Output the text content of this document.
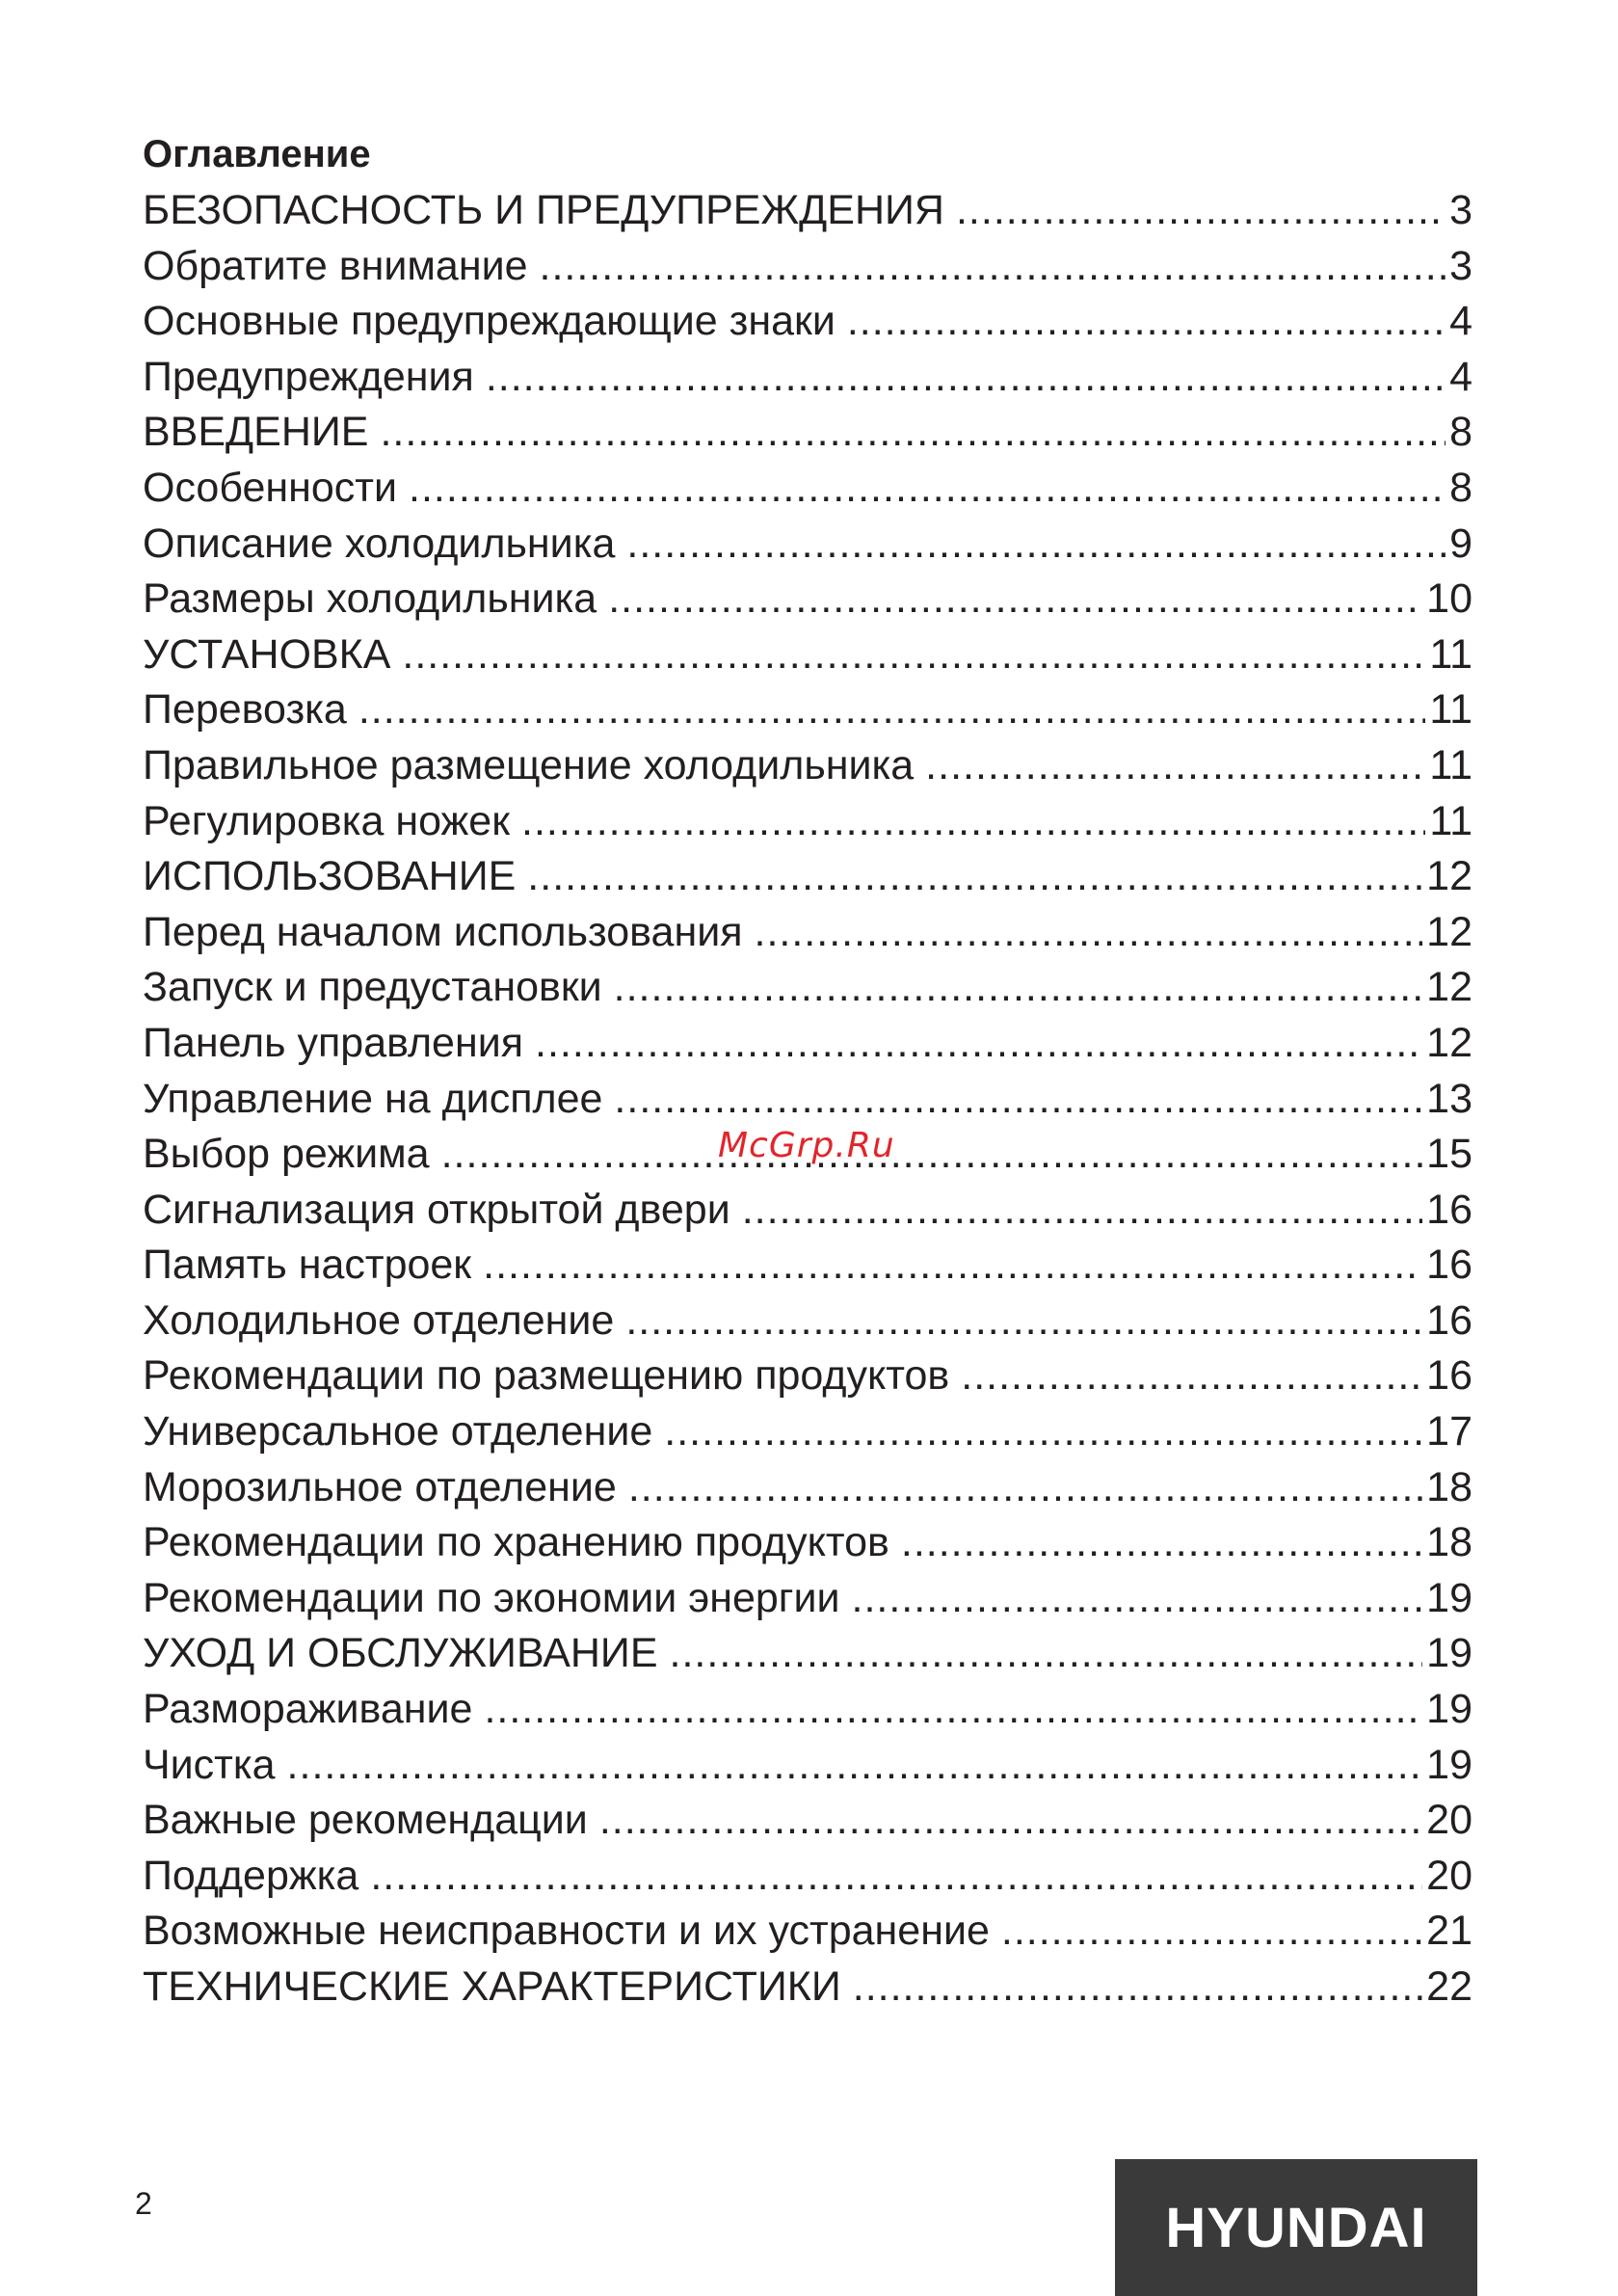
Оглавление
БЕЗОПАСНОСТЬ И ПРЕДУПРЕЖДЕНИЯ .....	3
Обратите внимание .....	3
Основные предупреждающие знаки .....	4
Предупреждения .....	4
ВВЕДЕНИЕ .....	8
Особенности .....	8
Описание холодильника .....	9
Размеры холодильника .....	10
УСТАНОВКА .....	11
Перевозка .....	11
Правильное размещение холодильника .....	11
Регулировка ножек .....	11
ИСПОЛЬЗОВАНИЕ .....	12
Перед началом использования .....	12
Запуск и предустановки .....	12
Панель управления .....	12
Управление на дисплее .....	13
Выбор режима .....	15
Сигнализация открытой двери .....	16
Память настроек .....	16
Холодильное отделение .....	16
Рекомендации по размещению продуктов .....	16
Универсальное отделение .....	17
Морозильное отделение .....	18
Рекомендации по хранению продуктов .....	18
Рекомендации по экономии энергии .....	19
УХОД И ОБСЛУЖИВАНИЕ .....	19
Размораживание .....	19
Чистка .....	19
Важные рекомендации .....	20
Поддержка .....	20
Возможные неисправности и их устранение .....	21
ТЕХНИЧЕСКИЕ ХАРАКТЕРИСТИКИ .....	22
McGrp.Ru
2	HYUNDAI
